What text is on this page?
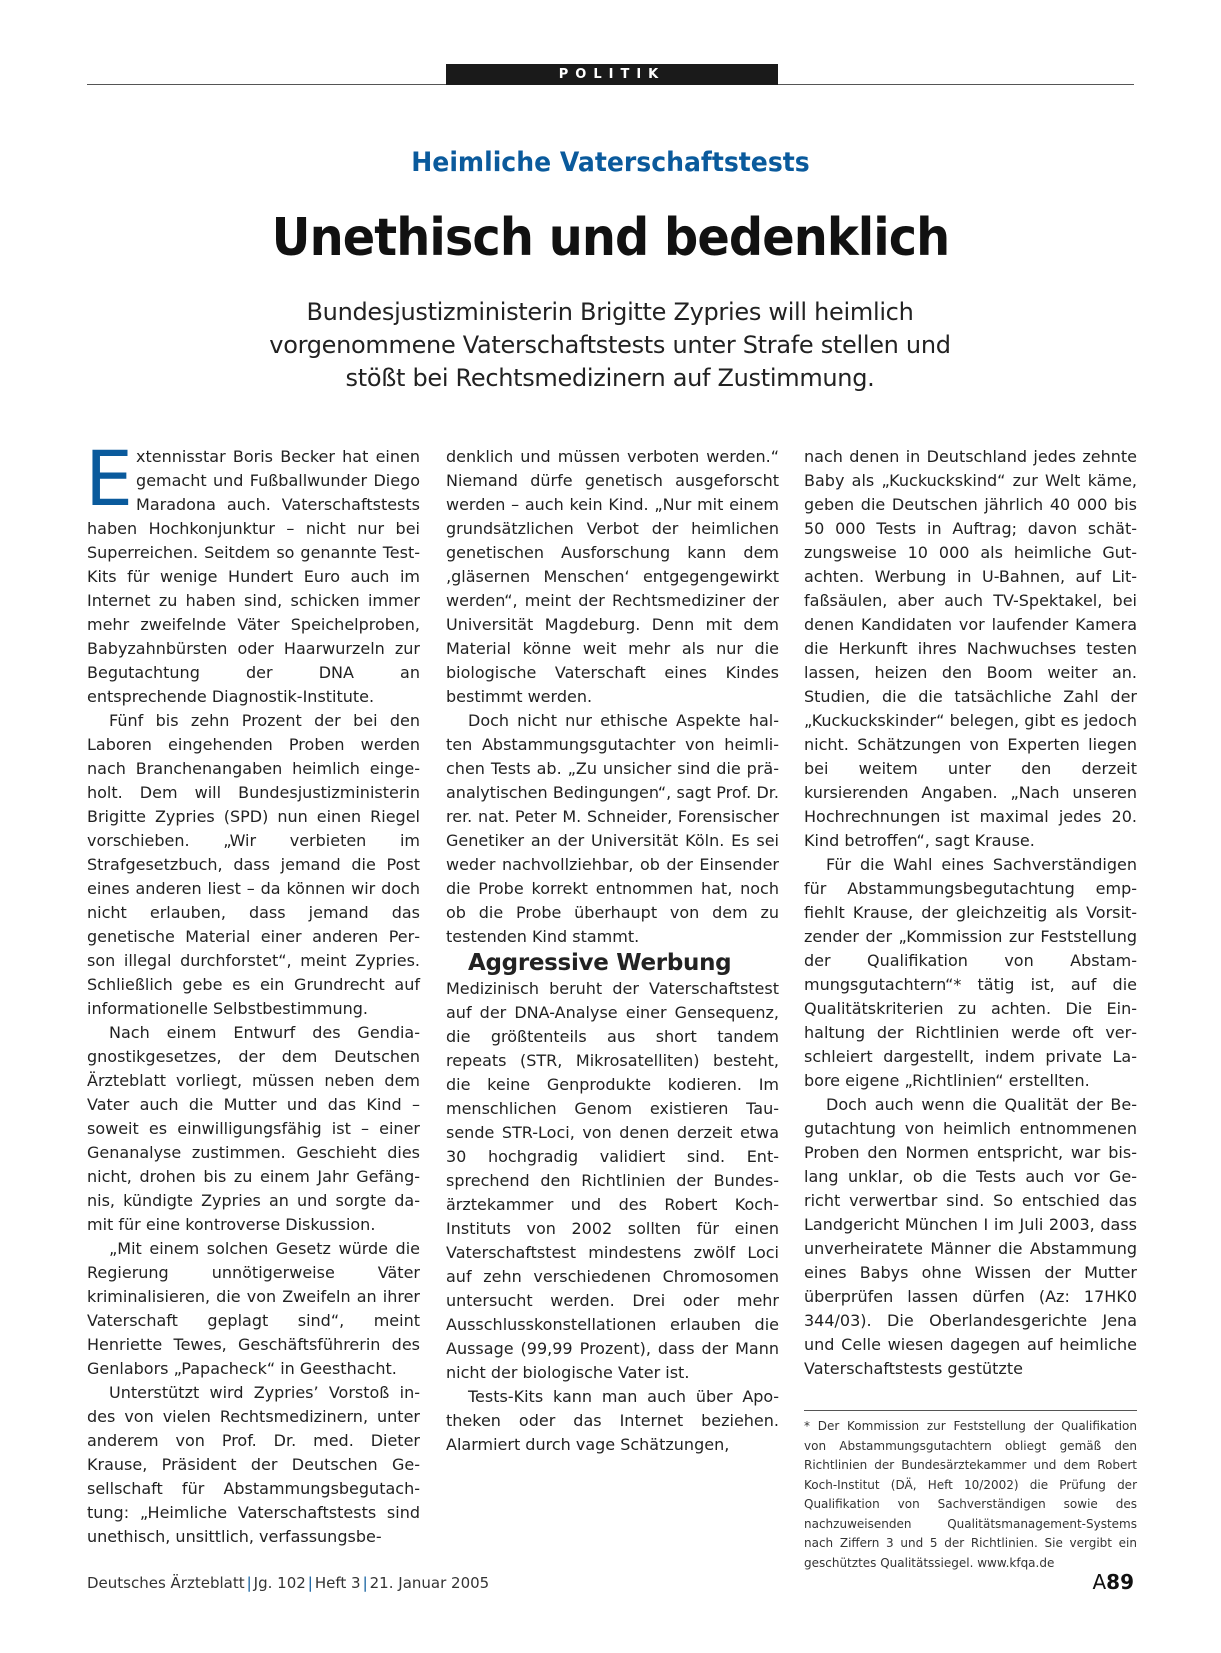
POLITIK
Heimliche Vaterschaftstests
Unethisch und bedenklich
Bundesjustizministerin Brigitte Zypries will heimlich vorgenommene Vaterschaftstests unter Strafe stellen und stößt bei Rechtsmedizinern auf Zustimmung.

Extennisstar Boris Becker hat einen gemacht und Fußballwunder Diego Maradona auch. Vaterschaftstests haben Hochkonjunktur – nicht nur bei Superreichen. Seitdem so genannte Test-Kits für wenige Hundert Euro auch im Internet zu haben sind, schicken immer mehr zweifelnde Väter Speichelproben, Babyzahnbürsten oder Haarwurzeln zur Begutachtung der DNA an entsprechende Diagnostik-Institute.

Fünf bis zehn Prozent der bei den Laboren eingehenden Proben werden nach Branchenangaben heimlich eingeholt. Dem will Bundesjustizministerin Brigitte Zypries (SPD) nun einen Riegel vorschieben. „Wir verbieten im Strafgesetzbuch, dass jemand die Post eines anderen liest – da können wir doch nicht erlauben, dass jemand das genetische Material einer anderen Person illegal durchforstet“, meint Zypries. Schließlich gebe es ein Grundrecht auf informationelle Selbstbestimmung.

Nach einem Entwurf des Gendiagnostikgesetzes, der dem Deutschen Ärzteblatt vorliegt, müssen neben dem Vater auch die Mutter und das Kind – soweit es einwilligungsfähig ist – einer Genanalyse zustimmen. Geschieht dies nicht, drohen bis zu einem Jahr Gefängnis, kündigte Zypries an und sorgte damit für eine kontroverse Diskussion.

„Mit einem solchen Gesetz würde die Regierung unnötigerweise Väter kriminalisieren, die von Zweifeln an ihrer Vaterschaft geplagt sind“, meint Henriette Tewes, Geschäftsführerin des Genlabors „Papacheck“ in Geesthacht.

Unterstützt wird Zypries’ Vorstoß indes von vielen Rechtsmedizinern, unter anderem von Prof. Dr. med. Dieter Krause, Präsident der Deutschen Gesellschaft für Abstammungsbegutachtung: „Heimliche Vaterschaftstests sind unethisch, unsittlich, verfassungsbe-

denklich und müssen verboten werden.“ Niemand dürfe genetisch ausgeforscht werden – auch kein Kind. „Nur mit einem grundsätzlichen Verbot der heimlichen genetischen Ausforschung kann dem ‚gläsernen Menschen‘ entgegengewirkt werden“, meint der Rechtsmediziner der Universität Magdeburg. Denn mit dem Material könne weit mehr als nur die biologische Vaterschaft eines Kindes bestimmt werden.

Doch nicht nur ethische Aspekte halten Abstammungsgutachter von heimlichen Tests ab. „Zu unsicher sind die präanalytischen Bedingungen“, sagt Prof. Dr. rer. nat. Peter M. Schneider, Forensischer Genetiker an der Universität Köln. Es sei weder nachvollziehbar, ob der Einsender die Probe korrekt entnommen hat, noch ob die Probe überhaupt von dem zu testenden Kind stammt.

Aggressive Werbung

Medizinisch beruht der Vaterschaftstest auf der DNA-Analyse einer Gensequenz, die größtenteils aus short tandem repeats (STR, Mikrosatelliten) besteht, die keine Genprodukte kodieren. Im menschlichen Genom existieren Tausende STR-Loci, von denen derzeit etwa 30 hochgradig validiert sind. Entsprechend den Richtlinien der Bundesärztekammer und des Robert Koch-Instituts von 2002 sollten für einen Vaterschaftstest mindestens zwölf Loci auf zehn verschiedenen Chromosomen untersucht werden. Drei oder mehr Ausschlusskonstellationen erlauben die Aussage (99,99 Prozent), dass der Mann nicht der biologische Vater ist.

Tests-Kits kann man auch über Apotheken oder das Internet beziehen. Alarmiert durch vage Schätzungen,

nach denen in Deutschland jedes zehnte Baby als „Kuckuckskind“ zur Welt käme, geben die Deutschen jährlich 40 000 bis 50 000 Tests in Auftrag; davon schätzungsweise 10 000 als heimliche Gutachten. Werbung in U-Bahnen, auf Litfaßsäulen, aber auch TV-Spektakel, bei denen Kandidaten vor laufender Kamera die Herkunft ihres Nachwuchses testen lassen, heizen den Boom weiter an. Studien, die die tatsächliche Zahl der „Kuckuckskinder“ belegen, gibt es jedoch nicht. Schätzungen von Experten liegen bei weitem unter den derzeit kursierenden Angaben. „Nach unseren Hochrechnungen ist maximal jedes 20. Kind betroffen“, sagt Krause.

Für die Wahl eines Sachverständigen für Abstammungsbegutachtung empfiehlt Krause, der gleichzeitig als Vorsitzender der „Kommission zur Feststellung der Qualifikation von Abstammungsgutachtern“* tätig ist, auf die Qualitätskriterien zu achten. Die Einhaltung der Richtlinien werde oft verschleiert dargestellt, indem private Labore eigene „Richtlinien“ erstellten.

Doch auch wenn die Qualität der Begutachtung von heimlich entnommenen Proben den Normen entspricht, war bislang unklar, ob die Tests auch vor Gericht verwertbar sind. So entschied das Landgericht München I im Juli 2003, dass unverheiratete Männer die Abstammung eines Babys ohne Wissen der Mutter überprüfen lassen dürfen (Az: 17HK0 344/03). Die Oberlandesgerichte Jena und Celle wiesen dagegen auf heimliche Vaterschaftstests gestützte

* Der Kommission zur Feststellung der Qualifikation von Abstammungsgutachtern obliegt gemäß den Richtlinien der Bundesärztekammer und dem Robert Koch-Institut (DÄ, Heft 10/2002) die Prüfung der Qualifikation von Sachverständigen sowie des nachzuweisenden Qualitätsmanagement-Systems nach Ziffern 3 und 5 der Richtlinien. Sie vergibt ein geschütztes Qualitätssiegel. www.kfqa.de
Deutsches Ärzteblatt | Jg. 102 | Heft 3 | 21. Januar 2005	A89
